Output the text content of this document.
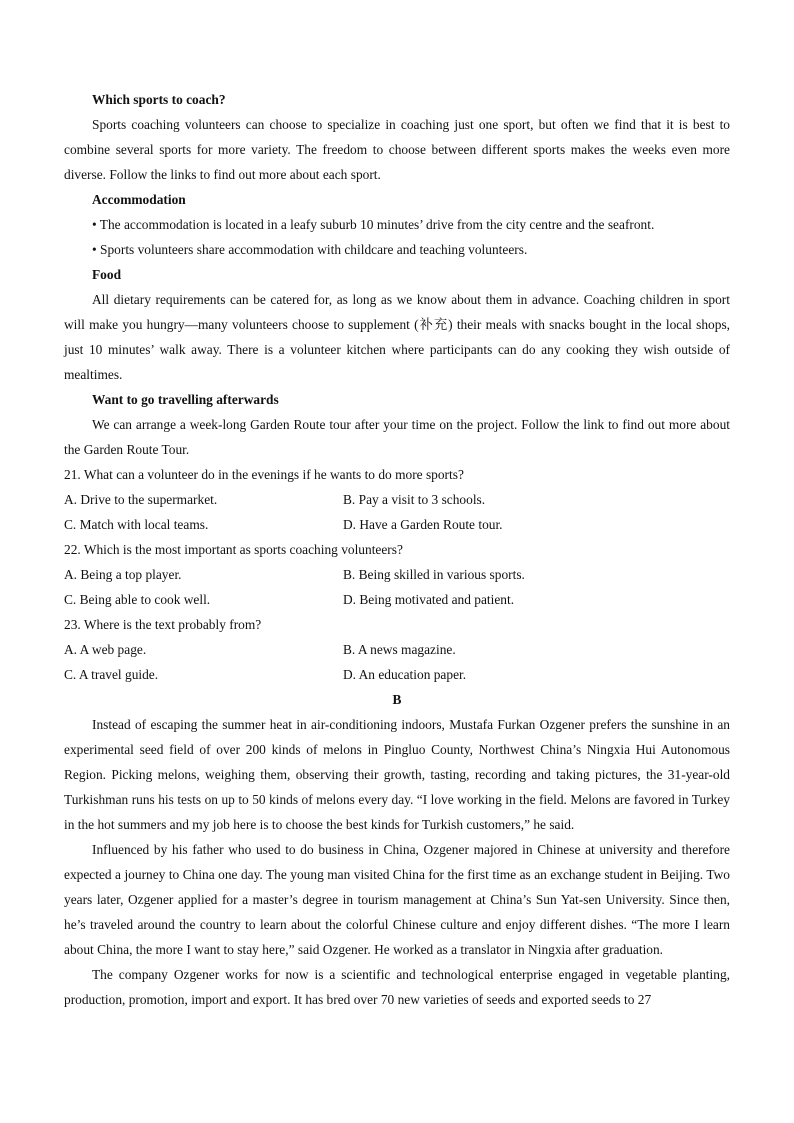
Which sports to coach?

Sports coaching volunteers can choose to specialize in coaching just one sport, but often we find that it is best to combine several sports for more variety. The freedom to choose between different sports makes the weeks even more diverse. Follow the links to find out more about each sport.

Accommodation

• The accommodation is located in a leafy suburb 10 minutes’ drive from the city centre and the seafront.

• Sports volunteers share accommodation with childcare and teaching volunteers.

Food

All dietary requirements can be catered for, as long as we know about them in advance. Coaching children in sport will make you hungry—many volunteers choose to supplement (补充) their meals with snacks bought in the local shops, just 10 minutes’ walk away. There is a volunteer kitchen where participants can do any cooking they wish outside of mealtimes.

Want to go travelling afterwards

We can arrange a week-long Garden Route tour after your time on the project. Follow the link to find out more about the Garden Route Tour.

21. What can a volunteer do in the evenings if he wants to do more sports?

A. Drive to the supermarket.	B. Pay a visit to 3 schools.
C. Match with local teams.	D. Have a Garden Route tour.

22. Which is the most important as sports coaching volunteers?

A. Being a top player.	B. Being skilled in various sports.
C. Being able to cook well.	D. Being motivated and patient.

23. Where is the text probably from?

A. A web page.	B. A news magazine.
C. A travel guide.	D. An education paper.

B

Instead of escaping the summer heat in air-conditioning indoors, Mustafa Furkan Ozgener prefers the sunshine in an experimental seed field of over 200 kinds of melons in Pingluo County, Northwest China’s Ningxia Hui Autonomous Region. Picking melons, weighing them, observing their growth, tasting, recording and taking pictures, the 31-year-old Turkishman runs his tests on up to 50 kinds of melons every day. “I love working in the field. Melons are favored in Turkey in the hot summers and my job here is to choose the best kinds for Turkish customers,” he said.

Influenced by his father who used to do business in China, Ozgener majored in Chinese at university and therefore expected a journey to China one day. The young man visited China for the first time as an exchange student in Beijing. Two years later, Ozgener applied for a master’s degree in tourism management at China’s Sun Yat-sen University. Since then, he’s traveled around the country to learn about the colorful Chinese culture and enjoy different dishes. “The more I learn about China, the more I want to stay here,” said Ozgener. He worked as a translator in Ningxia after graduation.

The company Ozgener works for now is a scientific and technological enterprise engaged in vegetable planting, production, promotion, import and export. It has bred over 70 new varieties of seeds and exported seeds to 27
